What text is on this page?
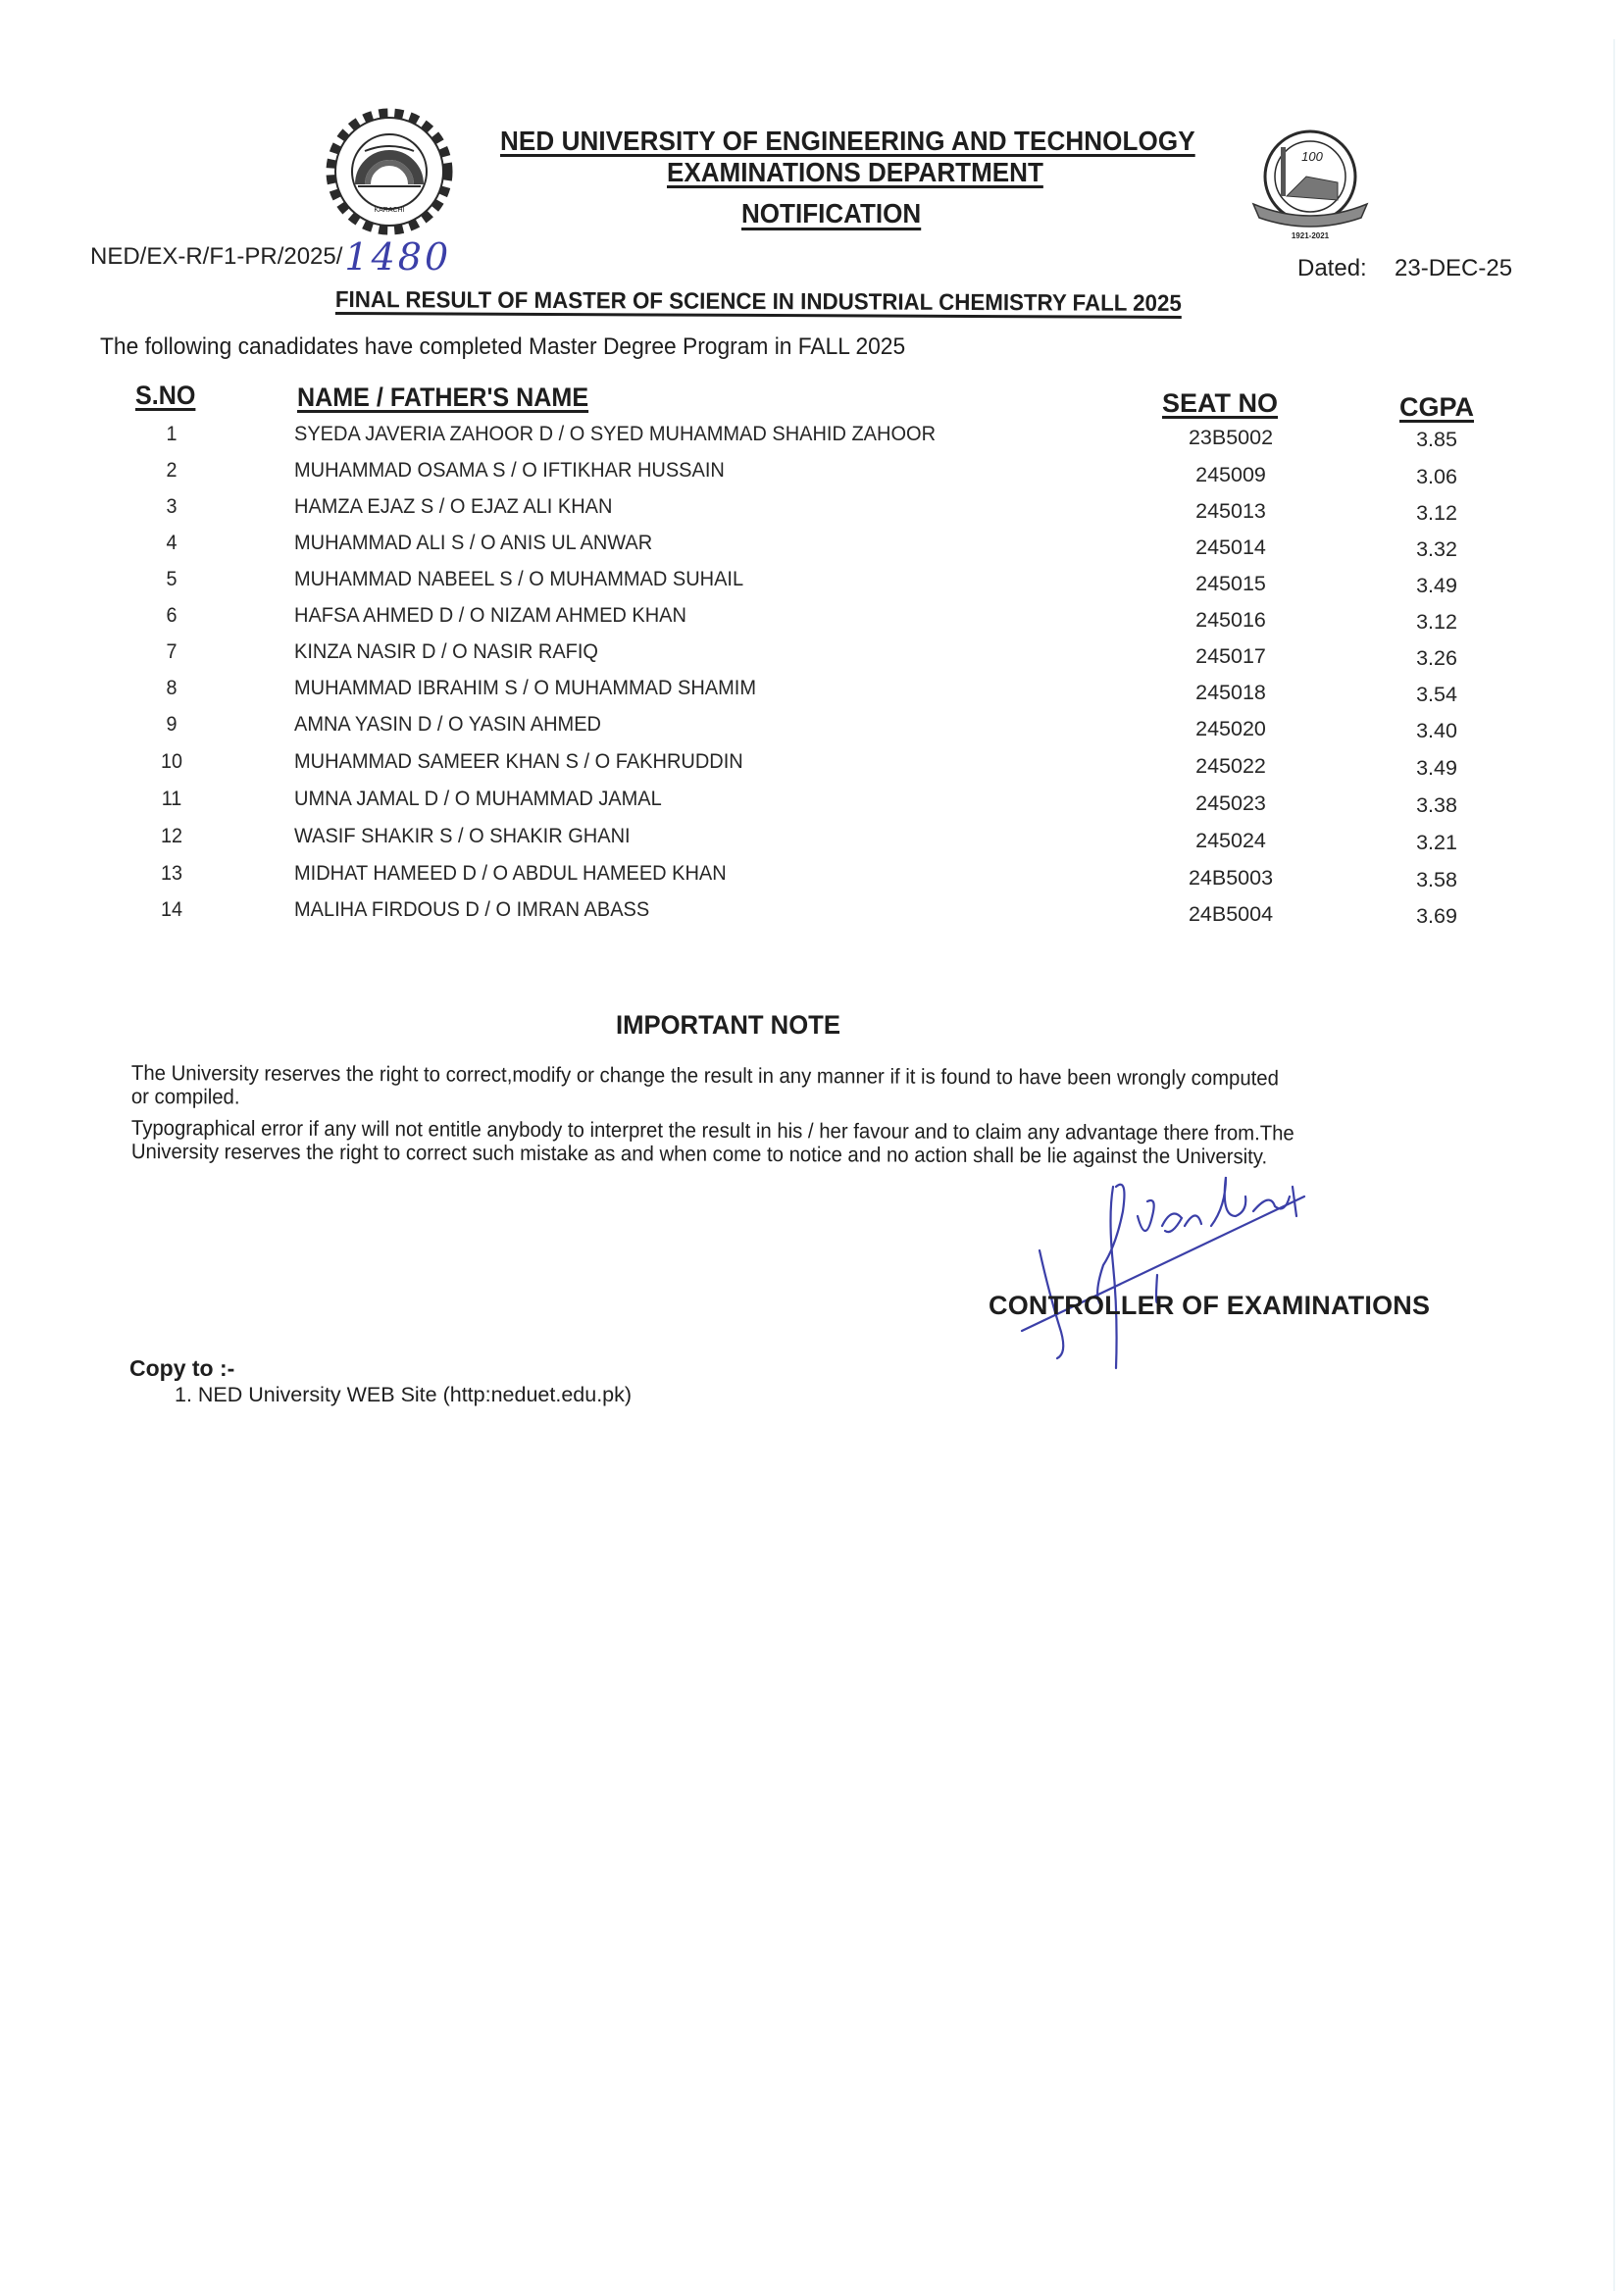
KARACHI
NED UNIVERSITY OF ENGINEERING AND TECHNOLOGY
EXAMINATIONS DEPARTMENT
NOTIFICATION
100
1921-2021
NED/EX-R/F1-PR/2025/1480	Dated: 23-DEC-25
FINAL RESULT OF MASTER OF SCIENCE IN INDUSTRIAL CHEMISTRY FALL 2025
The following canadidates have completed Master Degree Program in FALL 2025
S.NO	NAME / FATHER'S NAME	SEAT NO	CGPA
1	SYEDA JAVERIA ZAHOOR D / O SYED MUHAMMAD SHAHID ZAHOOR	23B5002	3.85
2	MUHAMMAD OSAMA S / O IFTIKHAR HUSSAIN	245009	3.06
3	HAMZA EJAZ S / O EJAZ ALI KHAN	245013	3.12
4	MUHAMMAD ALI S / O ANIS UL ANWAR	245014	3.32
5	MUHAMMAD NABEEL S / O MUHAMMAD SUHAIL	245015	3.49
6	HAFSA AHMED D / O NIZAM AHMED KHAN	245016	3.12
7	KINZA NASIR D / O NASIR RAFIQ	245017	3.26
8	MUHAMMAD IBRAHIM S / O MUHAMMAD SHAMIM	245018	3.54
9	AMNA YASIN D / O YASIN AHMED	245020	3.40
10	MUHAMMAD SAMEER KHAN S / O FAKHRUDDIN	245022	3.49
11	UMNA JAMAL D / O MUHAMMAD JAMAL	245023	3.38
12	WASIF SHAKIR S / O SHAKIR GHANI	245024	3.21
13	MIDHAT HAMEED D / O ABDUL HAMEED KHAN	24B5003	3.58
14	MALIHA FIRDOUS D / O IMRAN ABASS	24B5004	3.69
IMPORTANT NOTE
The University reserves the right to correct,modify or change the result in any manner if it is found to have been wrongly computed or compiled.
Typographical error if any will not entitle anybody to interpret the result in his / her favour and to claim any advantage there from.The University reserves the right to correct such mistake as and when come to notice and no action shall be lie against the University.
CONTROLLER OF EXAMINATIONS
Copy to :-
1. NED University WEB Site (http:neduet.edu.pk)
